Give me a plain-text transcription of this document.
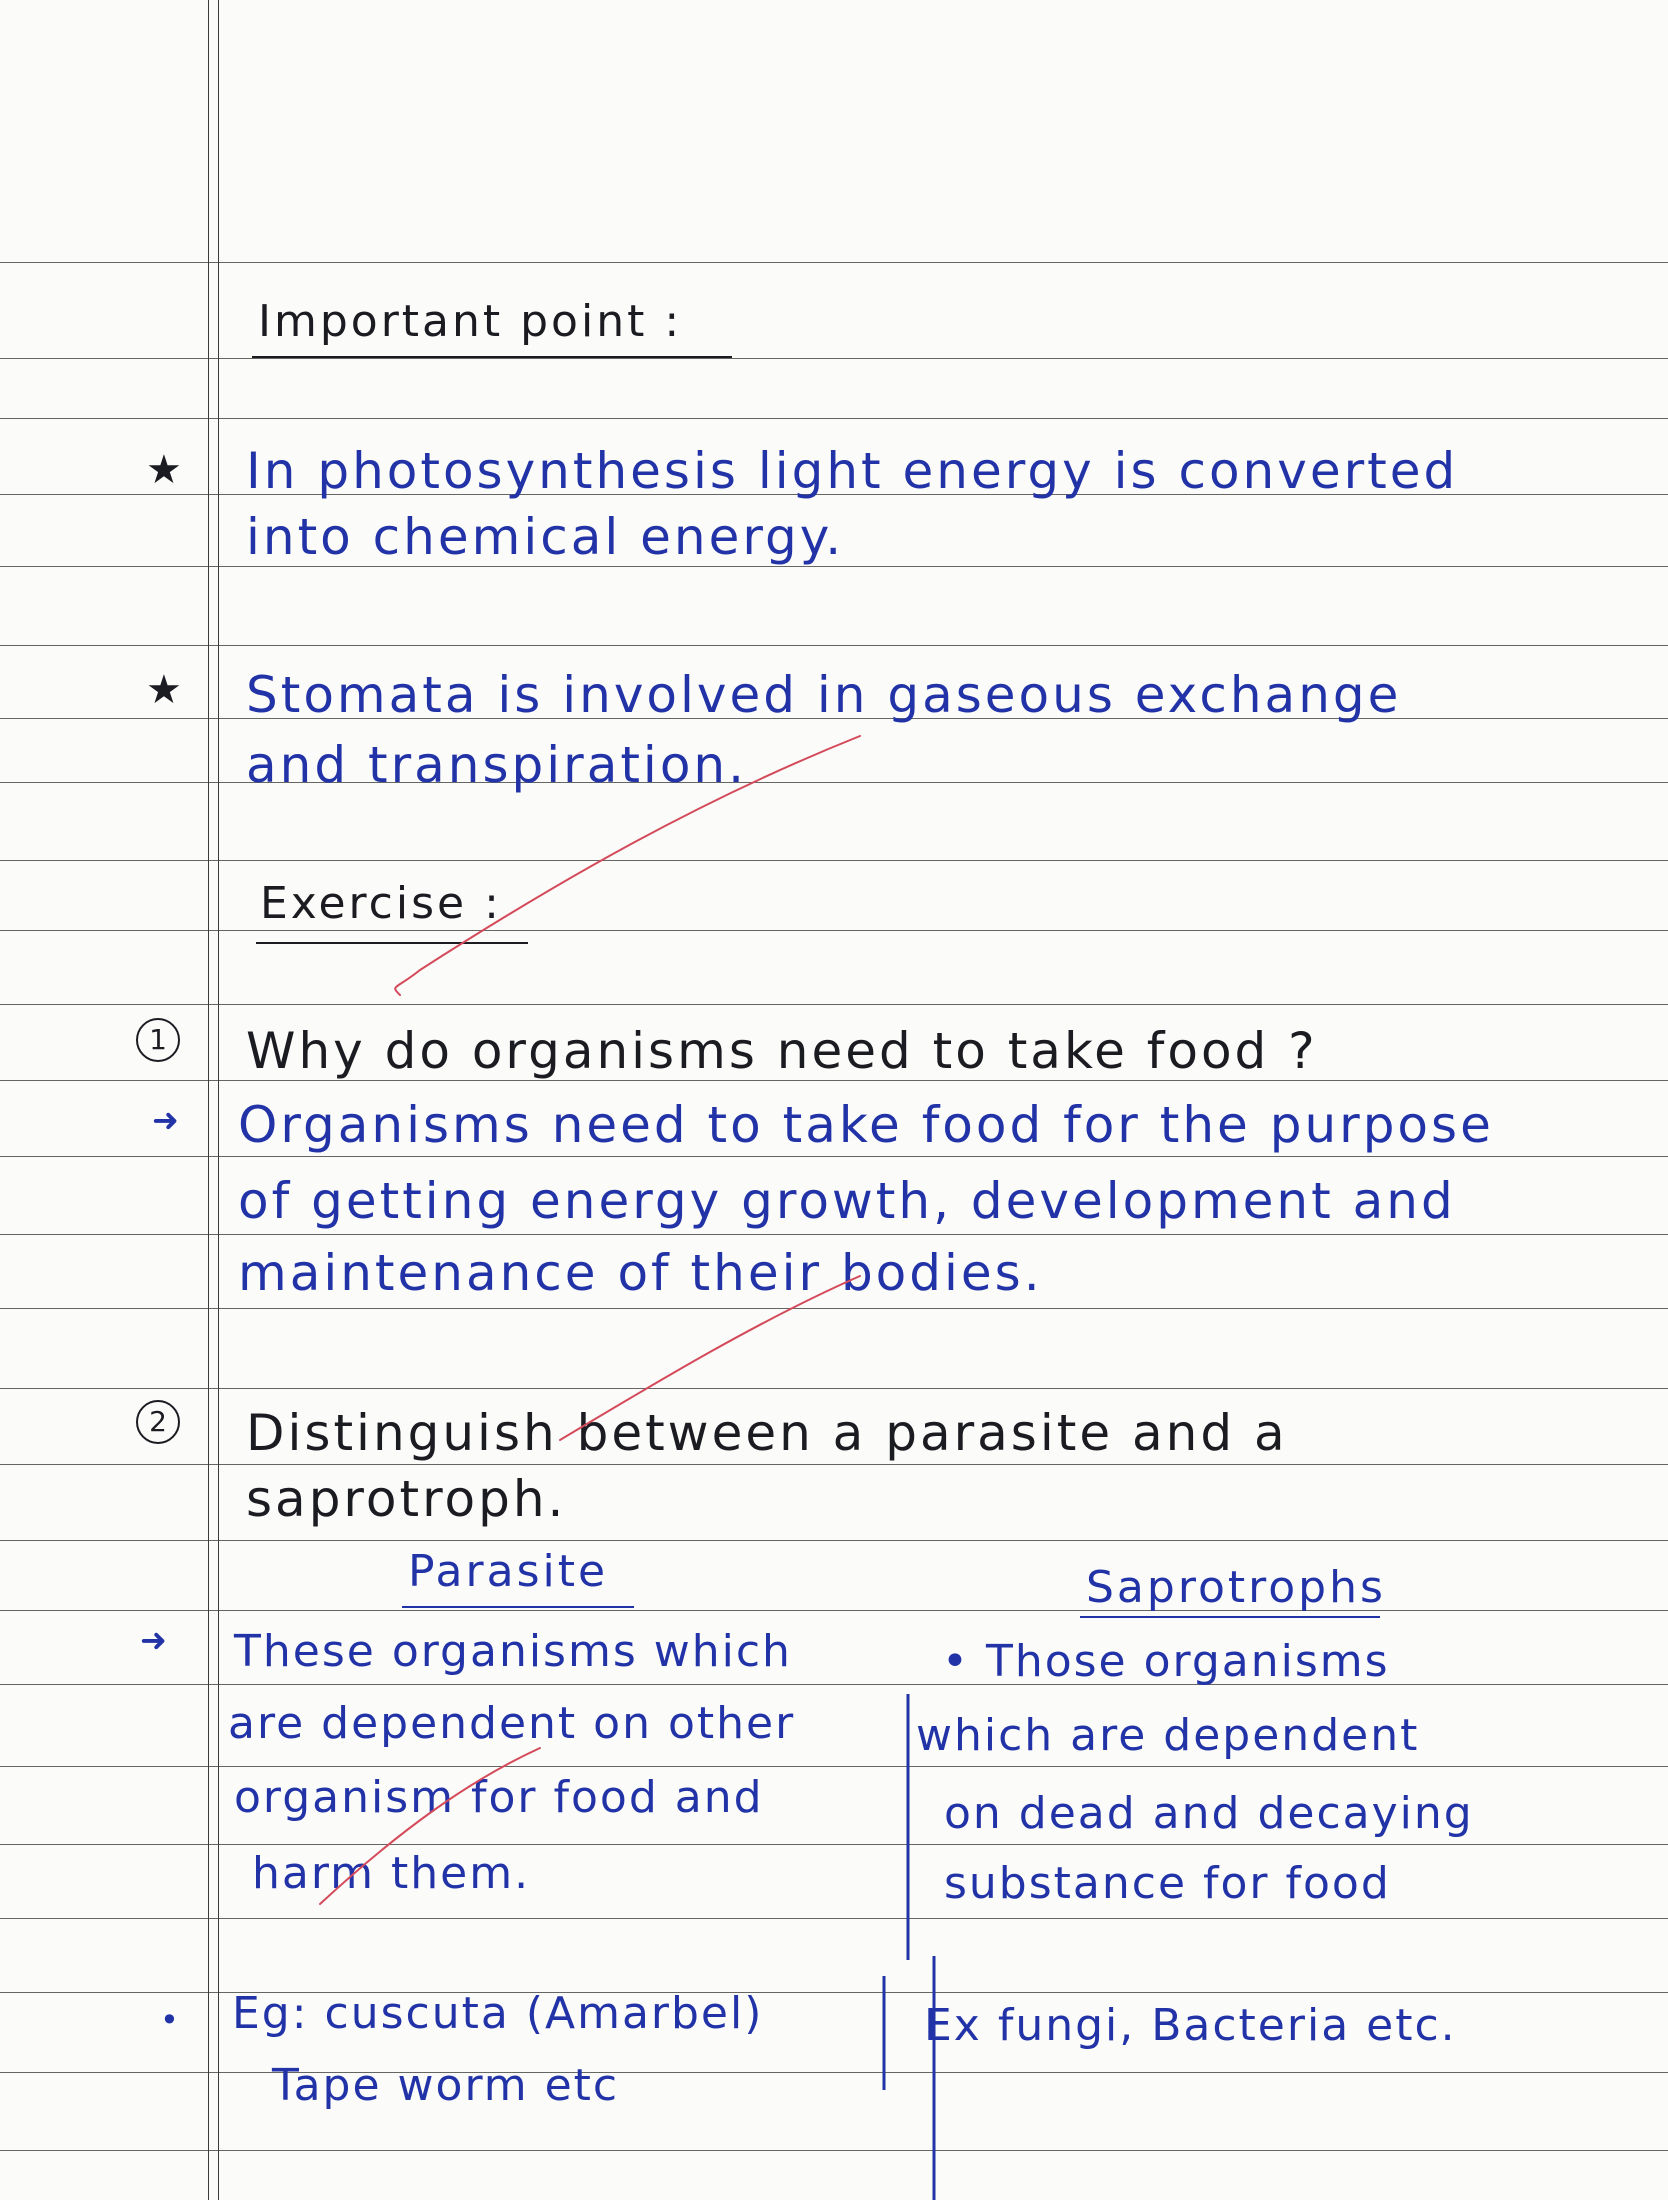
Important point :
★ In photosynthesis light energy is converted
into chemical energy.
★ Stomata is involved in gaseous exchange
and transpiration.
Exercise :
1 Why do organisms need to take food ?
➜ Organisms need to take food for the purpose
of getting energy growth, development and
maintenance of their bodies.
2 Distinguish between a parasite and a
saprotroph.
Parasite	Saprotrophs
➜ These organisms which
are dependent on other
organism for food and
harm them.
• Those organisms
which are dependent
on dead and decaying
substance for food
• Eg: cuscuta (Amarbel)
Tape worm etc
Ex fungi, Bacteria etc.
